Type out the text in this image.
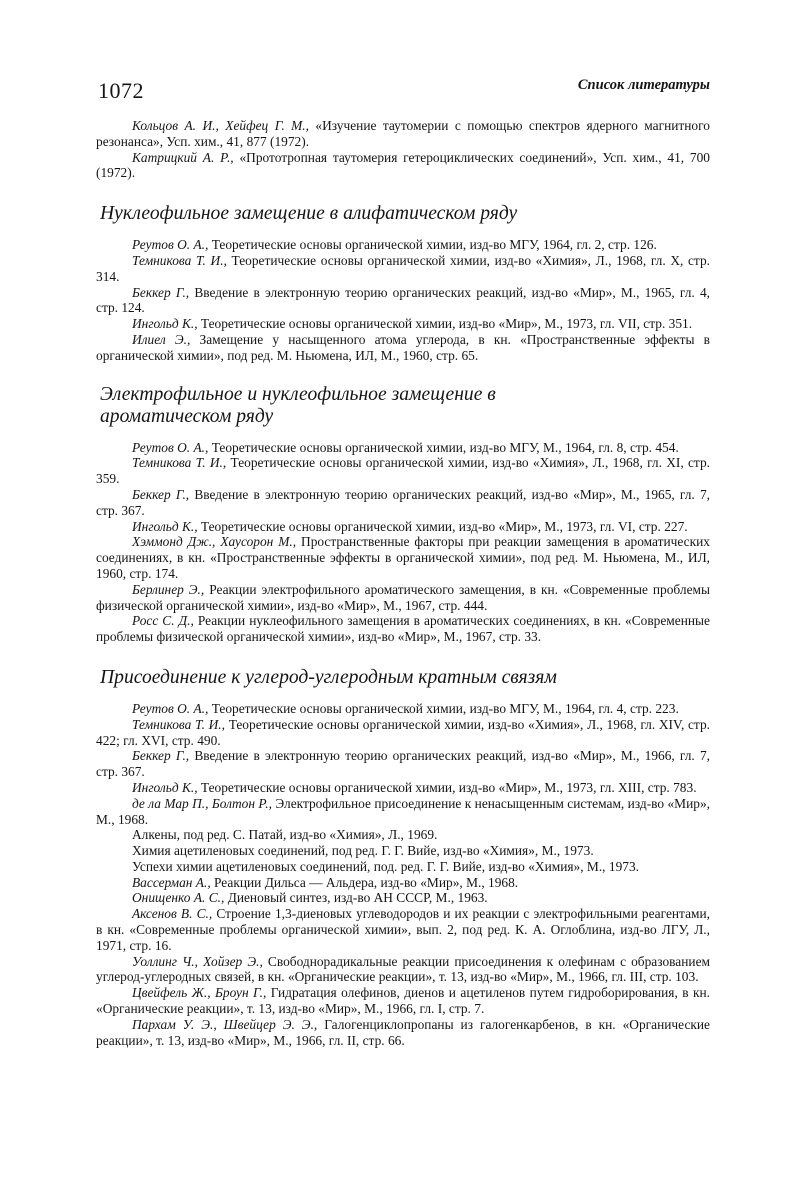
1072	Список литературы

Кольцов А. И., Хейфец Г. М., «Изучение таутомерии с помощью спектров ядерного магнитного резонанса», Усп. хим., 41, 877 (1972).

Катрицкий А. Р., «Прототропная таутомерия гетероциклических соединений», Усп. хим., 41, 700 (1972).

Нуклеофильное замещение в алифатическом ряду

Реутов О. А., Теоретические основы органической химии, изд-во МГУ, 1964, гл. 2, стр. 126.

Темникова Т. И., Теоретические основы органической химии, изд-во «Химия», Л., 1968, гл. X, стр. 314.

Беккер Г., Введение в электронную теорию органических реакций, изд-во «Мир», М., 1965, гл. 4, стр. 124.

Ингольд К., Теоретические основы органической химии, изд-во «Мир», М., 1973, гл. VII, стр. 351.

Илиел Э., Замещение у насыщенного атома углерода, в кн. «Пространственные эффекты в органической химии», под ред. М. Ньюмена, ИЛ, М., 1960, стр. 65.

Электрофильное и нуклеофильное замещение в ароматическом ряду

Реутов О. А., Теоретические основы органической химии, изд-во МГУ, М., 1964, гл. 8, стр. 454.

Темникова Т. И., Теоретические основы органической химии, изд-во «Химия», Л., 1968, гл. XI, стр. 359.

Беккер Г., Введение в электронную теорию органических реакций, изд-во «Мир», М., 1965, гл. 7, стр. 367.

Ингольд К., Теоретические основы органической химии, изд-во «Мир», М., 1973, гл. VI, стр. 227.

Хэммонд Дж., Хаусорон М., Пространственные факторы при реакции замещения в ароматических соединениях, в кн. «Пространственные эффекты в органической химии», под ред. М. Ньюмена, М., ИЛ, 1960, стр. 174.

Берлинер Э., Реакции электрофильного ароматического замещения, в кн. «Современные проблемы физической органической химии», изд-во «Мир», М., 1967, стр. 444.

Росс С. Д., Реакции нуклеофильного замещения в ароматических соединениях, в кн. «Современные проблемы физической органической химии», изд-во «Мир», М., 1967, стр. 33.

Присоединение к углерод-углеродным кратным связям

Реутов О. А., Теоретические основы органической химии, изд-во МГУ, М., 1964, гл. 4, стр. 223.

Темникова Т. И., Теоретические основы органической химии, изд-во «Химия», Л., 1968, гл. XIV, стр. 422; гл. XVI, стр. 490.

Беккер Г., Введение в электронную теорию органических реакций, изд-во «Мир», М., 1966, гл. 7, стр. 367.

Ингольд К., Теоретические основы органической химии, изд-во «Мир», М., 1973, гл. XIII, стр. 783.

де ла Мар П., Болтон Р., Электрофильное присоединение к ненасыщенным системам, изд-во «Мир», М., 1968.

Алкены, под ред. С. Патай, изд-во «Химия», Л., 1969.

Химия ацетиленовых соединений, под ред. Г. Г. Вийе, изд-во «Химия», М., 1973.

Успехи химии ацетиленовых соединений, под. ред. Г. Г. Вийе, изд-во «Химия», М., 1973.

Вассерман А., Реакции Дильса — Альдера, изд-во «Мир», М., 1968.

Онищенко А. С., Диеновый синтез, изд-во АН СССР, М., 1963.

Аксенов В. С., Строение 1,3-диеновых углеводородов и их реакции с электрофильными реагентами, в кн. «Современные проблемы органической химии», вып. 2, под ред. К. А. Оглоблина, изд-во ЛГУ, Л., 1971, стр. 16.

Уоллинг Ч., Хойзер Э., Свободнорадикальные реакции присоединения к олефинам с образованием углерод-углеродных связей, в кн. «Органические реакции», т. 13, изд-во «Мир», М., 1966, гл. III, стр. 103.

Цвейфель Ж., Броун Г., Гидратация олефинов, диенов и ацетиленов путем гидроборирования, в кн. «Органические реакции», т. 13, изд-во «Мир», М., 1966, гл. I, стр. 7.

Пархам У. Э., Швейцер Э. Э., Галогенциклопропаны из галогенкарбенов, в кн. «Органические реакции», т. 13, изд-во «Мир», М., 1966, гл. II, стр. 66.
